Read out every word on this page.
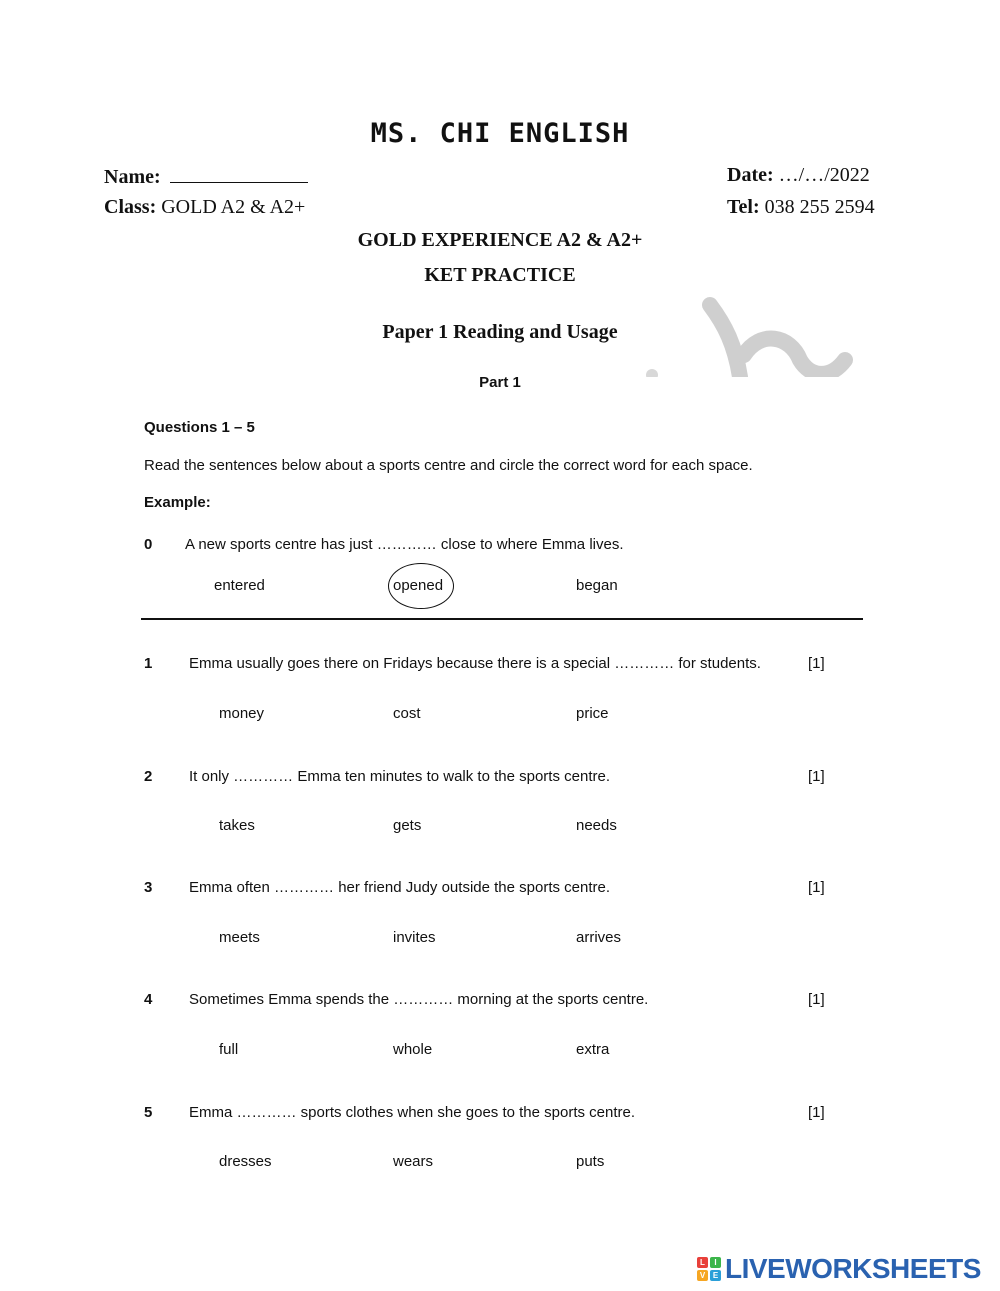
MS. CHI ENGLISH
Name:	Date: …/…/2022
Class: GOLD A2 & A2+	Tel: 038 255 2594
GOLD EXPERIENCE A2 & A2+
KET PRACTICE
Paper 1 Reading and Usage
Part 1
Questions 1 – 5
Read the sentences below about a sports centre and circle the correct word for each space.
Example:
0 A new sports centre has just ………… close to where Emma lives.
entered	opened	began
1 Emma usually goes there on Fridays because there is a special ………… for students.	[1]
money	cost	price
2 It only ………… Emma ten minutes to walk to the sports centre.	[1]
takes	gets	needs
3 Emma often ………… her friend Judy outside the sports centre.	[1]
meets	invites	arrives
4 Sometimes Emma spends the ………… morning at the sports centre.	[1]
full	whole	extra
5 Emma ………… sports clothes when she goes to the sports centre.	[1]
dresses	wears	puts
L	I
V E LIVEWORKSHEETS
